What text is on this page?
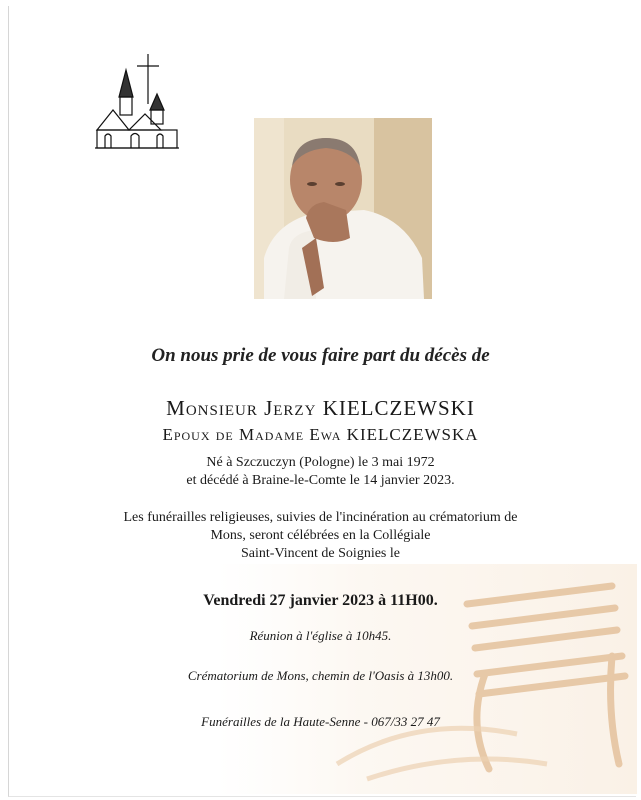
On nous prie de vous faire part du décès de
Monsieur Jerzy KIELCZEWSKI
Epoux de Madame Ewa KIELCZEWSKA
Né à Szczuczyn (Pologne) le 3 mai 1972
et décédé à Braine-le-Comte le 14 janvier 2023.
Les funérailles religieuses, suivies de l'incinération au crématorium de
Mons, seront célébrées en la Collégiale
Saint-Vincent de Soignies le
Vendredi 27 janvier 2023 à 11H00.
Réunion à l'église à 10h45.
Crématorium de Mons, chemin de l'Oasis à 13h00.
Funérailles de la Haute-Senne - 067/33 27 47
